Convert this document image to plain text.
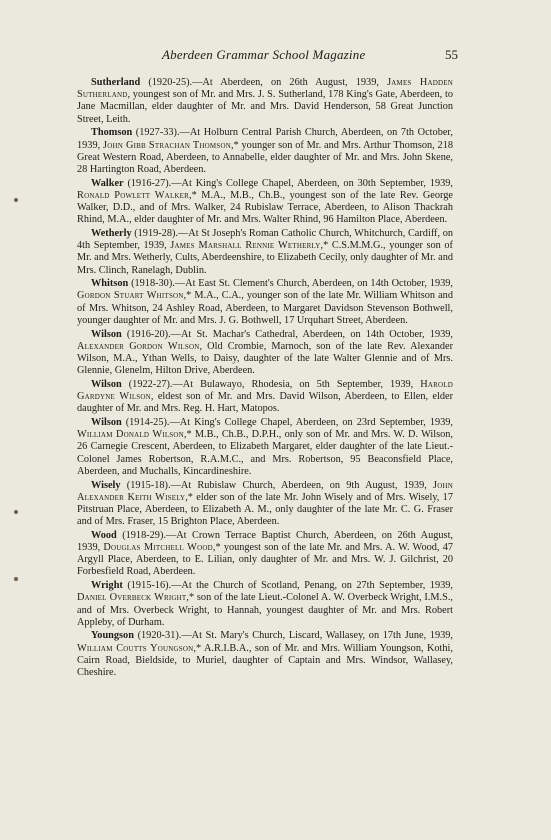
Aberdeen Grammar School Magazine	55

Sutherland (1920-25).—At Aberdeen, on 26th August, 1939, James Hadden Sutherland, youngest son of Mr. and Mrs. J. S. Sutherland, 178 King's Gate, Aberdeen, to Jane Macmillan, elder daughter of Mr. and Mrs. David Henderson, 58 Great Junction Street, Leith.

Thomson (1927-33).—At Holburn Central Parish Church, Aberdeen, on 7th October, 1939, John Gibb Strachan Thomson,* younger son of Mr. and Mrs. Arthur Thomson, 218 Great Western Road, Aberdeen, to Annabelle, elder daughter of Mr. and Mrs. John Skene, 28 Hartington Road, Aberdeen.

Walker (1916-27).—At King's College Chapel, Aberdeen, on 30th September, 1939, Ronald Powlett Walker,* M.A., M.B., Ch.B., youngest son of the late Rev. George Walker, D.D., and of Mrs. Walker, 24 Rubislaw Terrace, Aberdeen, to Alison Thackrah Rhind, M.A., elder daughter of Mr. and Mrs. Walter Rhind, 96 Hamilton Place, Aberdeen.

Wetherly (1919-28).—At St Joseph's Roman Catholic Church, Whitchurch, Cardiff, on 4th September, 1939, James Marshall Rennie Wetherly,* C.S.M.M.G., younger son of Mr. and Mrs. Wetherly, Cults, Aberdeenshire, to Elizabeth Cecily, only daughter of Mr. and Mrs. Clinch, Ranelagh, Dublin.

Whitson (1918-30).—At East St. Clement's Church, Aberdeen, on 14th October, 1939, Gordon Stuart Whitson,* M.A., C.A., younger son of the late Mr. William Whitson and of Mrs. Whitson, 24 Ashley Road, Aberdeen, to Margaret Davidson Stevenson Bothwell, younger daughter of Mr. and Mrs. J. G. Bothwell, 17 Urquhart Street, Aberdeen.

Wilson (1916-20).—At St. Machar's Cathedral, Aberdeen, on 14th October, 1939, Alexander Gordon Wilson, Old Crombie, Marnoch, son of the late Rev. Alexander Wilson, M.A., Ythan Wells, to Daisy, daughter of the late Walter Glennie and of Mrs. Glennie, Glenelm, Hilton Drive, Aberdeen.

Wilson (1922-27).—At Bulawayo, Rhodesia, on 5th September, 1939, Harold Gardyne Wilson, eldest son of Mr. and Mrs. David Wilson, Aberdeen, to Ellen, elder daughter of Mr. and Mrs. Reg. H. Hart, Matopos.

Wilson (1914-25).—At King's College Chapel, Aberdeen, on 23rd September, 1939, William Donald Wilson,* M.B., Ch.B., D.P.H., only son of Mr. and Mrs. W. D. Wilson, 26 Carnegie Crescent, Aberdeen, to Elizabeth Margaret, elder daughter of the late Lieut.-Colonel James Robertson, R.A.M.C., and Mrs. Robertson, 95 Beaconsfield Place, Aberdeen, and Muchalls, Kincardineshire.

Wisely (1915-18).—At Rubislaw Church, Aberdeen, on 9th August, 1939, John Alexander Keith Wisely,* elder son of the late Mr. John Wisely and of Mrs. Wisely, 17 Pitstruan Place, Aberdeen, to Elizabeth A. M., only daughter of the late Mr. C. G. Fraser and of Mrs. Fraser, 15 Brighton Place, Aberdeen.

Wood (1918-29).—At Crown Terrace Baptist Church, Aberdeen, on 26th August, 1939, Douglas Mitchell Wood,* youngest son of the late Mr. and Mrs. A. W. Wood, 47 Argyll Place, Aberdeen, to E. Lilian, only daughter of Mr. and Mrs. W. J. Gilchrist, 20 Forbesfield Road, Aberdeen.

Wright (1915-16).—At the Church of Scotland, Penang, on 27th September, 1939, Daniel Overbeck Wright,* son of the late Lieut.-Colonel A. W. Overbeck Wright, I.M.S., and of Mrs. Overbeck Wright, to Hannah, youngest daughter of Mr. and Mrs. Robert Appleby, of Durham.

Youngson (1920-31).—At St. Mary's Church, Liscard, Wallasey, on 17th June, 1939, William Coutts Youngson,* A.R.I.B.A., son of Mr. and Mrs. William Youngson, Kothi, Cairn Road, Bieldside, to Muriel, daughter of Captain and Mrs. Windsor, Wallasey, Cheshire.
